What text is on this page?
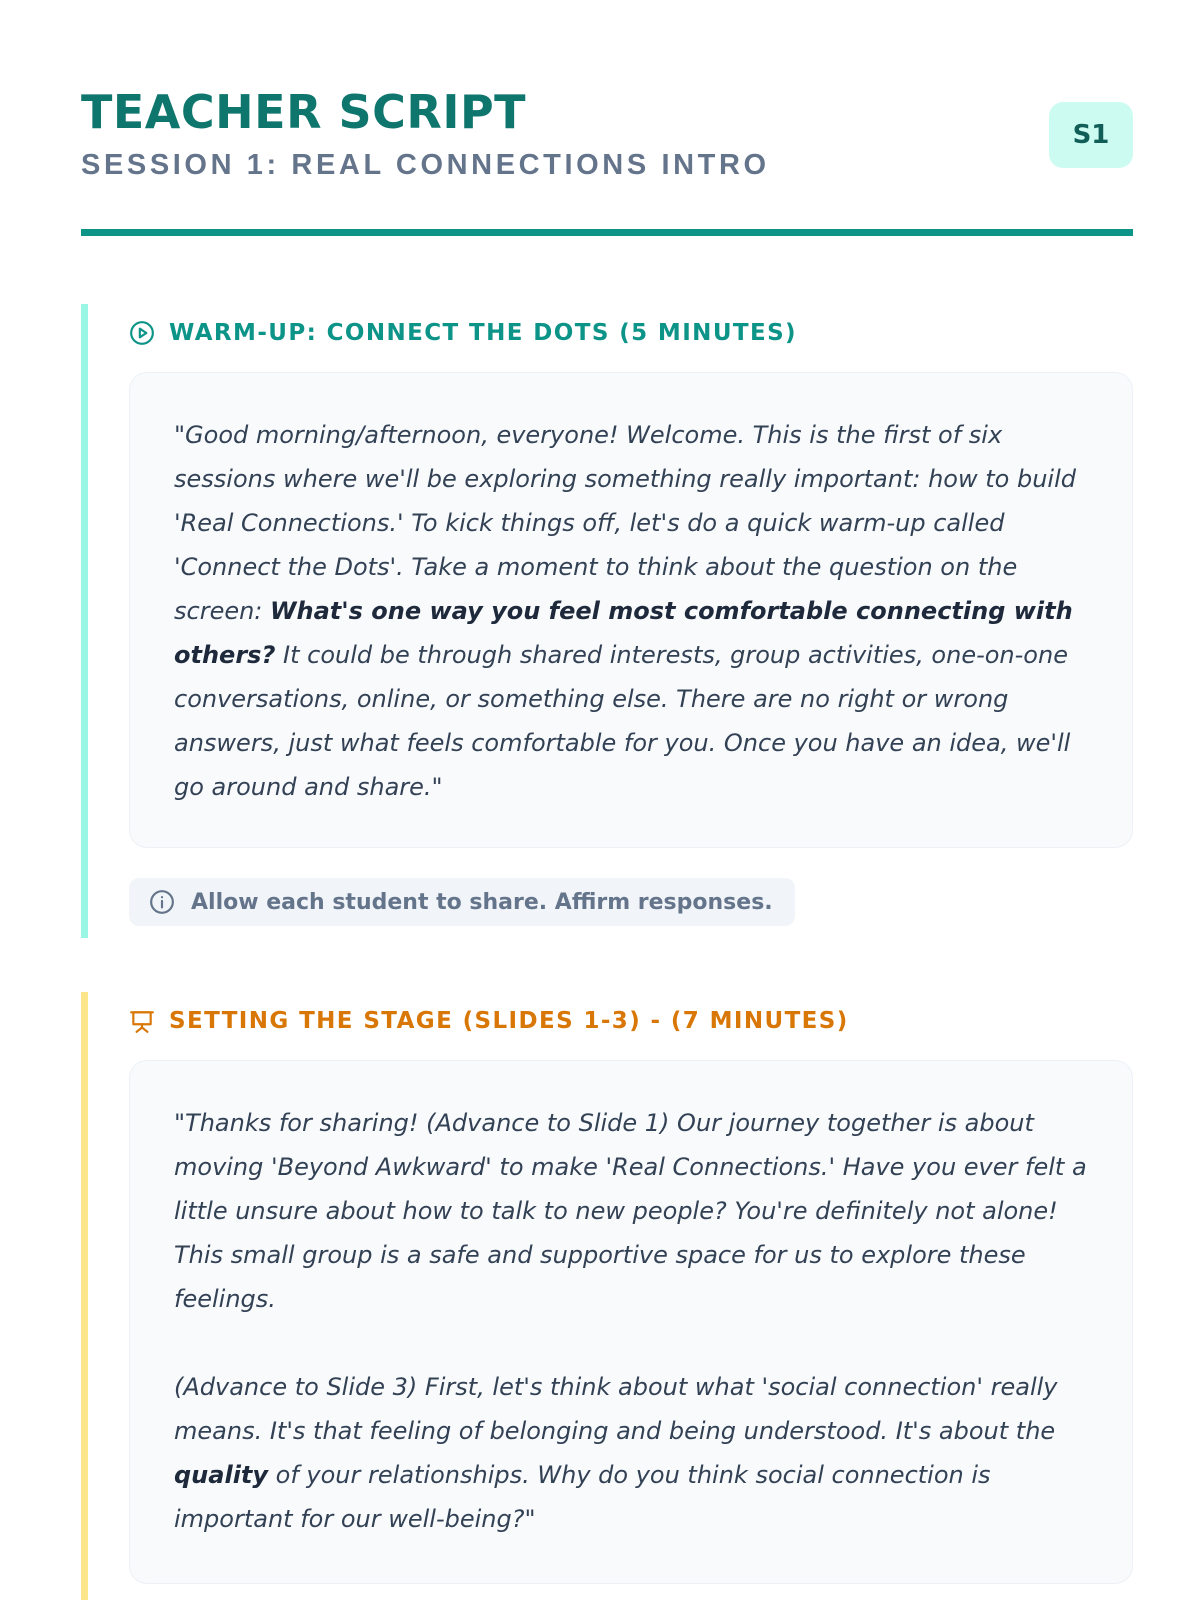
TEACHER SCRIPT
SESSION 1: REAL CONNECTIONS INTRO
S1
WARM-UP: CONNECT THE DOTS (5 MINUTES)

"Good morning/afternoon, everyone! Welcome. This is the first of six sessions where we'll be exploring something really important: how to build 'Real Connections.' To kick things off, let's do a quick warm-up called 'Connect the Dots'. Take a moment to think about the question on the screen: What's one way you feel most comfortable connecting with others? It could be through shared interests, group activities, one-on-one conversations, online, or something else. There are no right or wrong answers, just what feels comfortable for you. Once you have an idea, we'll go around and share."

Allow each student to share. Affirm responses.
SETTING THE STAGE (SLIDES 1-3) - (7 MINUTES)

"Thanks for sharing! (Advance to Slide 1) Our journey together is about moving 'Beyond Awkward' to make 'Real Connections.' Have you ever felt a little unsure about how to talk to new people? You're definitely not alone! This small group is a safe and supportive space for us to explore these feelings.

(Advance to Slide 3) First, let's think about what 'social connection' really means. It's that feeling of belonging and being understood. It's about the quality of your relationships. Why do you think social connection is important for our well-being?"
